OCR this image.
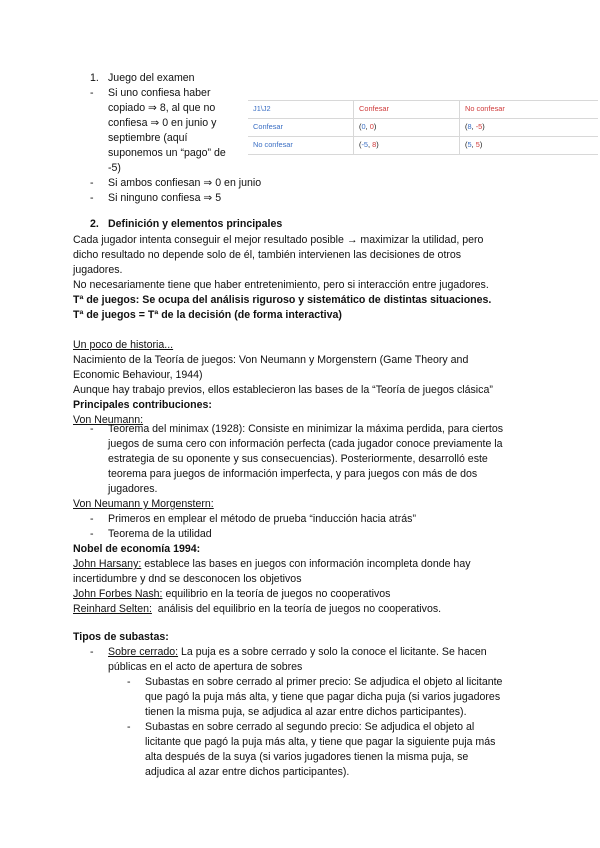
1. Juego del examen
- Si uno confiesa haber
copiado ⇒ 8, al que no
confiesa ⇒ 0 en junio y
septiembre (aquí
suponemos un “pago” de
-5)
- Si ambos confiesan ⇒ 0 en junio
- Si ninguno confiesa ⇒ 5
J1\J2	Confesar	No confesar
Confesar	(0, 0)	(8, -5)
No confesar	(-5, 8)	(5, 5)
2. Definición y elementos principales
Cada jugador intenta conseguir el mejor resultado posible → maximizar la utilidad, pero
dicho resultado no depende solo de él, también intervienen las decisiones de otros
jugadores.
No necesariamente tiene que haber entretenimiento, pero si interacción entre jugadores.
Tª de juegos: Se ocupa del análisis riguroso y sistemático de distintas situaciones.
Tª de juegos = Tª de la decisión (de forma interactiva)
Un poco de historia...
Nacimiento de la Teoría de juegos: Von Neumann y Morgenstern (Game Theory and
Economic Behaviour, 1944)
Aunque hay trabajo previos, ellos establecieron las bases de la “Teoría de juegos clásica”
Principales contribuciones:
Von Neumann:
- Teorema del minimax (1928): Consiste en minimizar la máxima perdida, para ciertos
juegos de suma cero con información perfecta (cada jugador conoce previamente la
estrategia de su oponente y sus consecuencias). Posteriormente, desarrolló este
teorema para juegos de información imperfecta, y para juegos con más de dos
jugadores.
Von Neumann y Morgenstern:
- Primeros en emplear el método de prueba “inducción hacia atrás”
- Teorema de la utilidad
Nobel de economía 1994:
John Harsany: establece las bases en juegos con información incompleta donde hay
incertidumbre y dnd se desconocen los objetivos
John Forbes Nash: equilibrio en la teoría de juegos no cooperativos
Reinhard Selten:  análisis del equilibrio en la teoría de juegos no cooperativos.
Tipos de subastas:
- Sobre cerrado: La puja es a sobre cerrado y solo la conoce el licitante. Se hacen
públicas en el acto de apertura de sobres
- Subastas en sobre cerrado al primer precio: Se adjudica el objeto al licitante
que pagó la puja más alta, y tiene que pagar dicha puja (si varios jugadores
tienen la misma puja, se adjudica al azar entre dichos participantes).
- Subastas en sobre cerrado al segundo precio: Se adjudica el objeto al
licitante que pagó la puja más alta, y tiene que pagar la siguiente puja más
alta después de la suya (si varios jugadores tienen la misma puja, se
adjudica al azar entre dichos participantes).
